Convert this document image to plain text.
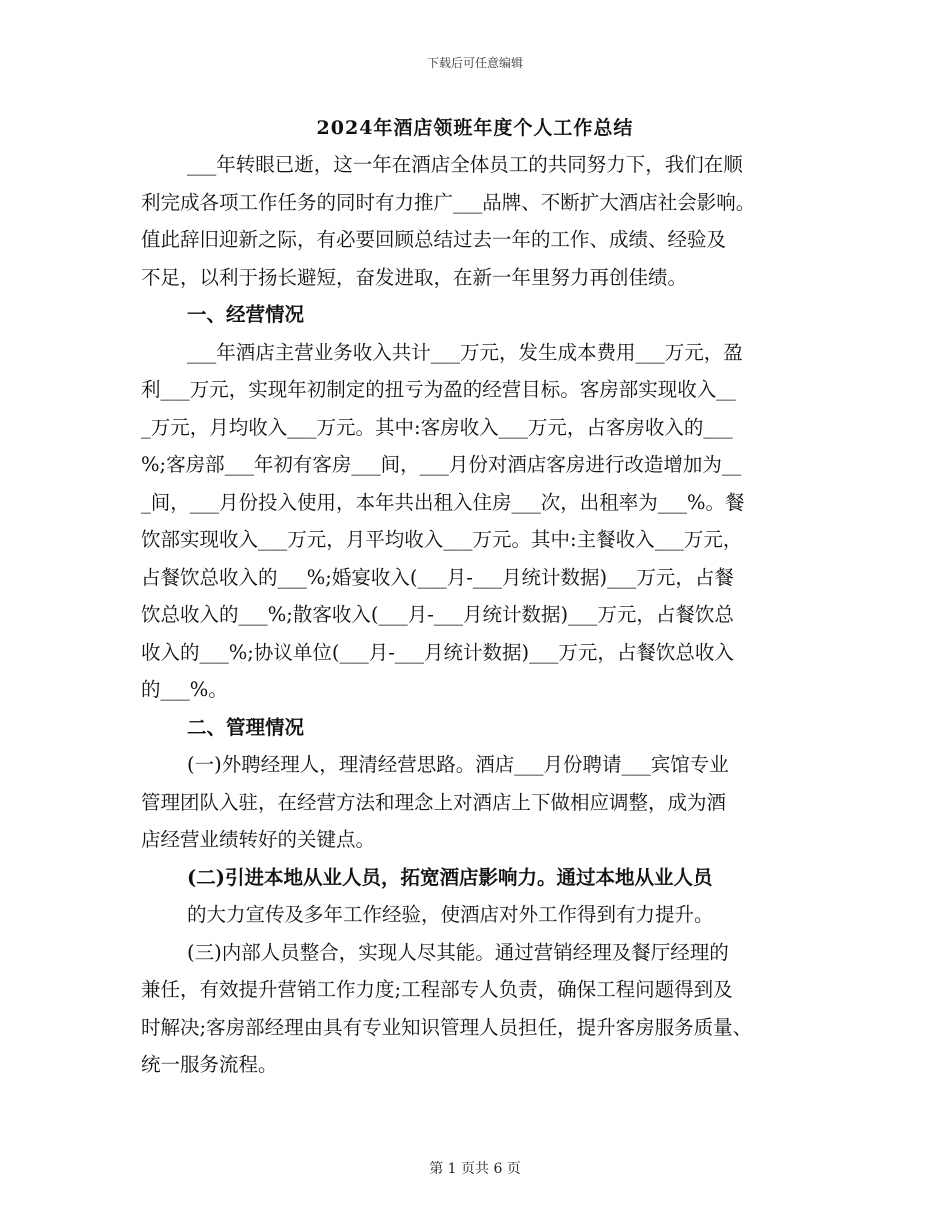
下载后可任意编辑
2024年酒店领班年度个人工作总结
___年转眼已逝，这一年在酒店全体员工的共同努力下，我们在顺
利完成各项工作任务的同时有力推广___品牌、不断扩大酒店社会影响。
值此辞旧迎新之际，有必要回顾总结过去一年的工作、成绩、经验及
不足，以利于扬长避短，奋发进取，在新一年里努力再创佳绩。
一、经营情况
___年酒店主营业务收入共计___万元，发生成本费用___万元，盈
利___万元，实现年初制定的扭亏为盈的经营目标。客房部实现收入__
_万元，月均收入___万元。其中:客房收入___万元，占客房收入的___
%;客房部___年初有客房___间，___月份对酒店客房进行改造增加为__
_间，___月份投入使用，本年共出租入住房___次，出租率为___%。餐
饮部实现收入___万元，月平均收入___万元。其中:主餐收入___万元，
占餐饮总收入的___%;婚宴收入(___月-___月统计数据)___万元，占餐
饮总收入的___%;散客收入(___月-___月统计数据)___万元，占餐饮总
收入的___%;协议单位(___月-___月统计数据)___万元，占餐饮总收入
的___%。
二、管理情况
(一)外聘经理人，理清经营思路。酒店___月份聘请___宾馆专业
管理团队入驻，在经营方法和理念上对酒店上下做相应调整，成为酒
店经营业绩转好的关键点。
(二)引进本地从业人员，拓宽酒店影响力。通过本地从业人员
的大力宣传及多年工作经验，使酒店对外工作得到有力提升。
(三)内部人员整合，实现人尽其能。通过营销经理及餐厅经理的
兼任，有效提升营销工作力度;工程部专人负责，确保工程问题得到及
时解决;客房部经理由具有专业知识管理人员担任，提升客房服务质量、
统一服务流程。
第 1 页共 6 页
